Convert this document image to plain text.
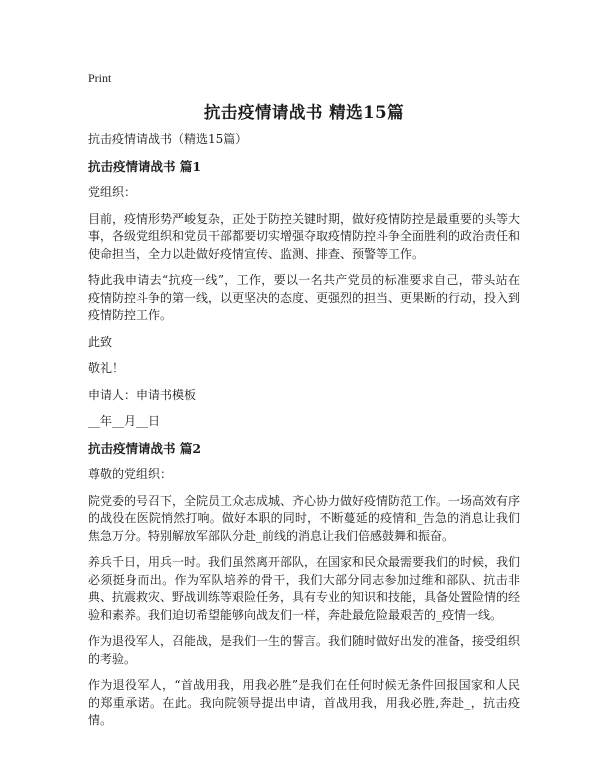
Print
抗击疫情请战书 精选15篇

抗击疫情请战书（精选15篇）

抗击疫情请战书 篇1

党组织：

目前，疫情形势严峻复杂，正处于防控关键时期，做好疫情防控是最重要的头等大事，各级党组织和党员干部都要切实增强夺取疫情防控斗争全面胜利的政治责任和使命担当，全力以赴做好疫情宣传、监测、排查、预警等工作。

特此我申请去“抗疫一线”，工作，要以一名共产党员的标准要求自己，带头站在疫情防控斗争的第一线，以更坚决的态度、更强烈的担当、更果断的行动，投入到疫情防控工作。

此致

敬礼！

申请人：申请书模板

__年__月__日

抗击疫情请战书 篇2

尊敬的党组织：

院党委的号召下，全院员工众志成城、齐心协力做好疫情防范工作。一场高效有序的战役在医院悄然打响。做好本职的同时，不断蔓延的疫情和_告急的消息让我们焦急万分。特别解放军部队分赴_前线的消息让我们倍感鼓舞和振奋。

养兵千日，用兵一时。我们虽然离开部队，在国家和民众最需要我们的时候，我们必须挺身而出。作为军队培养的骨干，我们大部分同志参加过维和部队、抗击非典、抗震救灾、野战训练等艰险任务，具有专业的知识和技能，具备处置险情的经验和素养。我们迫切希望能够向战友们一样，奔赴最危险最艰苦的_疫情一线。

作为退役军人，召能战，是我们一生的誓言。我们随时做好出发的准备，接受组织的考验。

作为退役军人，“首战用我，用我必胜”是我们在任何时候无条件回报国家和人民的郑重承诺。在此。我向院领导提出申请，首战用我，用我必胜,奔赴_，抗击疫情。
